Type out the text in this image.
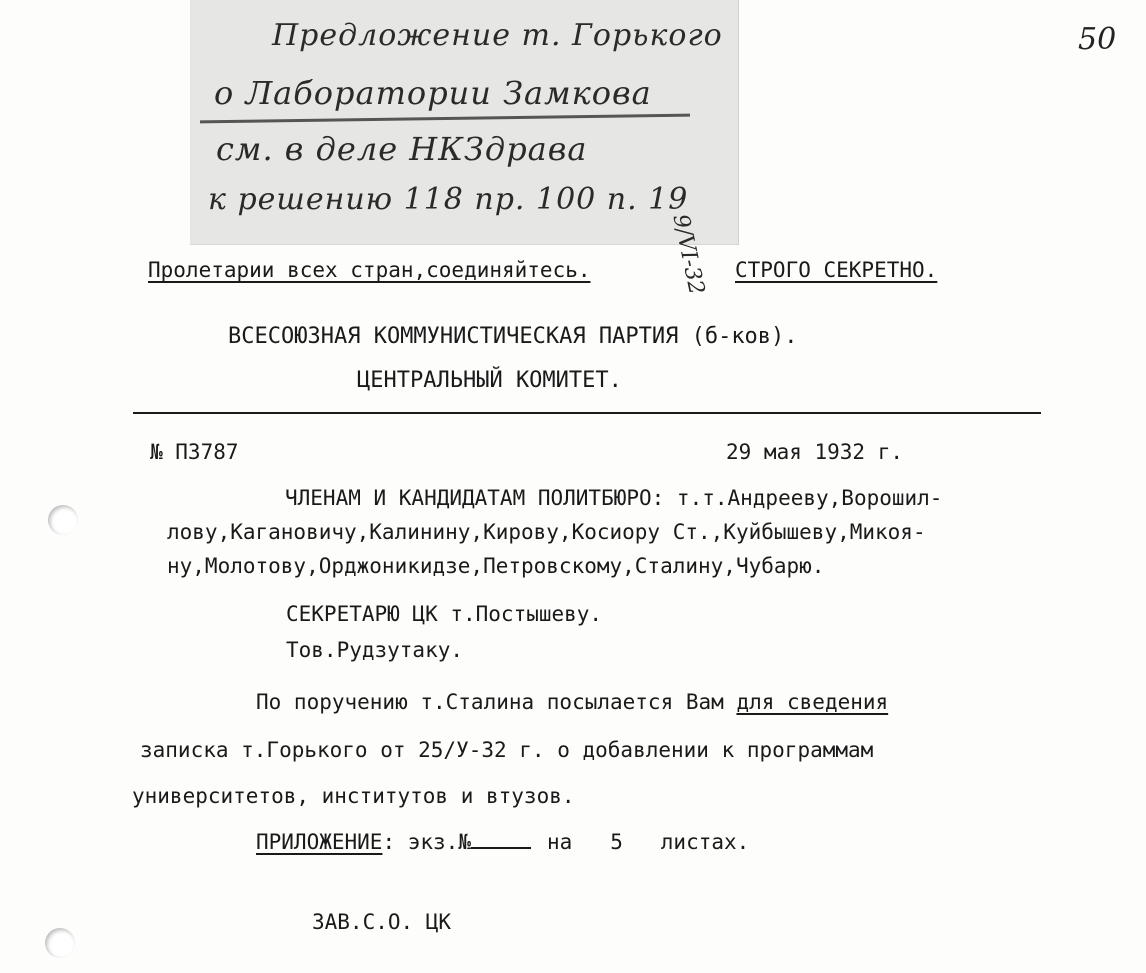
50
Предложение т. Горького
о Лаборатории Замкова
см. в деле НКЗдрава
к решению 118 пр. 100 п. 19
9/VI-32
Пролетарии всех стран,соединяйтесь.	СТРОГО СЕКРЕТНО.
ВСЕСОЮЗНАЯ КОММУНИСТИЧЕСКАЯ ПАРТИЯ (б-ков).
ЦЕНТРАЛЬНЫЙ КОМИТЕТ.
№ П3787	29 мая 1932 г.
ЧЛЕНАМ И КАНДИДАТАМ ПОЛИТБЮРО: т.т.Андрееву,Ворошил-
лову,Кагановичу,Калинину,Кирову,Косиору Ст.,Куйбышеву,Микоя-
ну,Молотову,Орджоникидзе,Петровскому,Сталину,Чубарю.
СЕКРЕТАРЮ ЦК т.Постышеву.
Тов.Рудзутаку.
По поручению т.Сталина посылается Вам для сведения
записка т.Горького от 25/У-32 г. о добавлении к программам
университетов, институтов и втузов.
ПРИЛОЖЕНИЕ: экз.№	на 5 листах.
ЗАВ.С.О. ЦК
